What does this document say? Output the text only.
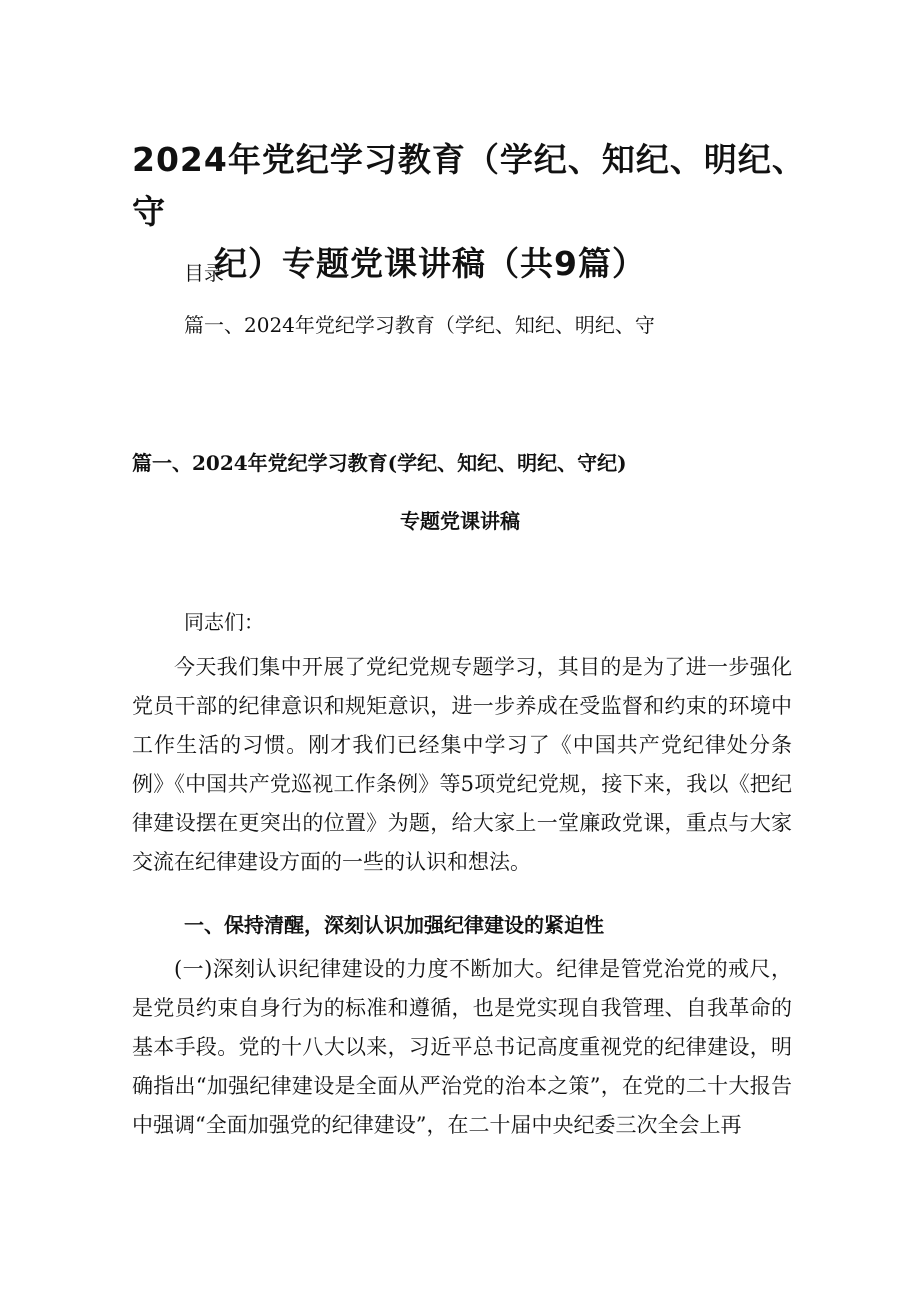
2024年党纪学习教育（学纪、知纪、明纪、守
纪）专题党课讲稿（共9篇）

目录

篇一、2024年党纪学习教育（学纪、知纪、明纪、守

篇一、2024年党纪学习教育(学纪、知纪、明纪、守纪)
专题党课讲稿

同志们：

今天我们集中开展了党纪党规专题学习，其目的是为了进一步强化党员干部的纪律意识和规矩意识，进一步养成在受监督和约束的环境中工作生活的习惯。刚才我们已经集中学习了《中国共产党纪律处分条例》《中国共产党巡视工作条例》等5项党纪党规，接下来，我以《把纪律建设摆在更突出的位置》为题，给大家上一堂廉政党课，重点与大家交流在纪律建设方面的一些的认识和想法。

一、保持清醒，深刻认识加强纪律建设的紧迫性

(一)深刻认识纪律建设的力度不断加大。纪律是管党治党的戒尺，是党员约束自身行为的标准和遵循，也是党实现自我管理、自我革命的基本手段。党的十八大以来，习近平总书记高度重视党的纪律建设，明确指出“加强纪律建设是全面从严治党的治本之策”，在党的二十大报告中强调“全面加强党的纪律建设”，在二十届中央纪委三次全会上再
